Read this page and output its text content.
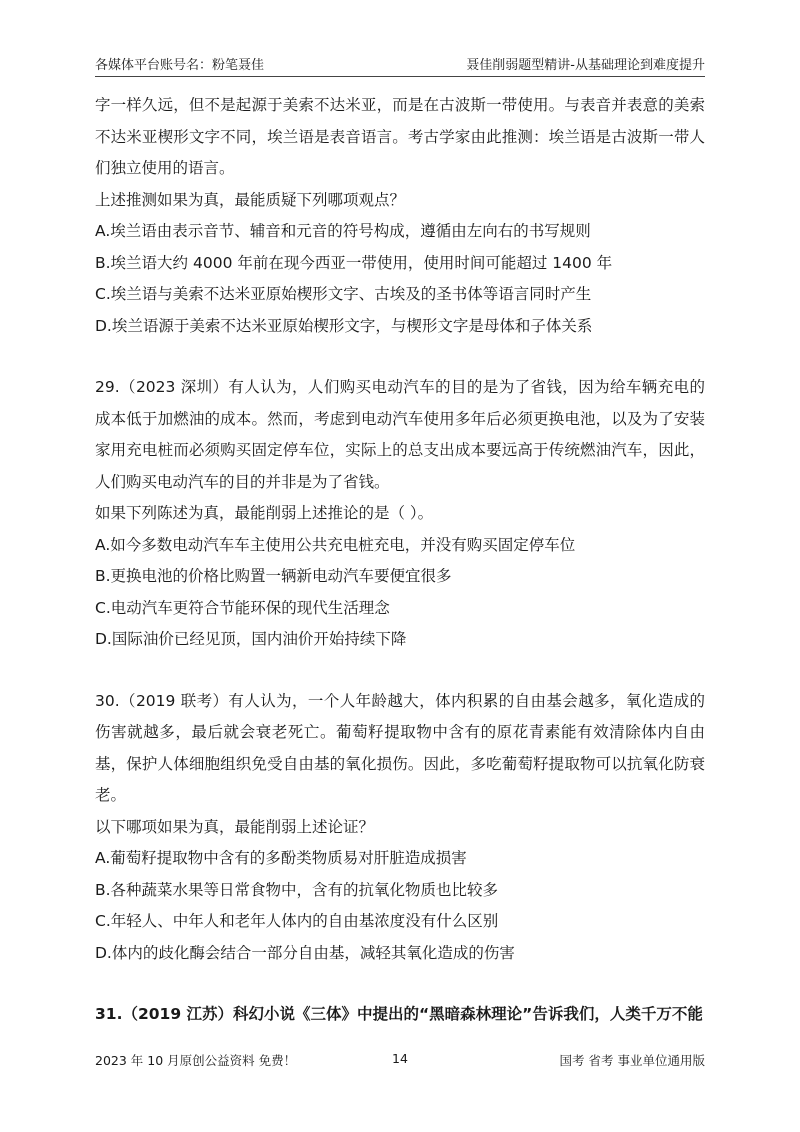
各媒体平台账号名：粉笔聂佳	聂佳削弱题型精讲-从基础理论到难度提升

字一样久远，但不是起源于美索不达米亚，而是在古波斯一带使用。与表音并表意的美索不达米亚楔形文字不同，埃兰语是表音语言。考古学家由此推测：埃兰语是古波斯一带人们独立使用的语言。

上述推测如果为真，最能质疑下列哪项观点？

A.埃兰语由表示音节、辅音和元音的符号构成，遵循由左向右的书写规则

B.埃兰语大约 4000 年前在现今西亚一带使用，使用时间可能超过 1400 年

C.埃兰语与美索不达米亚原始楔形文字、古埃及的圣书体等语言同时产生

D.埃兰语源于美索不达米亚原始楔形文字，与楔形文字是母体和子体关系

29.（2023 深圳）有人认为，人们购买电动汽车的目的是为了省钱，因为给车辆充电的成本低于加燃油的成本。然而，考虑到电动汽车使用多年后必须更换电池，以及为了安装家用充电桩而必须购买固定停车位，实际上的总支出成本要远高于传统燃油汽车，因此，人们购买电动汽车的目的并非是为了省钱。

如果下列陈述为真，最能削弱上述推论的是（ ）。

A.如今多数电动汽车车主使用公共充电桩充电，并没有购买固定停车位

B.更换电池的价格比购置一辆新电动汽车要便宜很多

C.电动汽车更符合节能环保的现代生活理念

D.国际油价已经见顶，国内油价开始持续下降

30.（2019 联考）有人认为，一个人年龄越大，体内积累的自由基会越多，氧化造成的伤害就越多，最后就会衰老死亡。葡萄籽提取物中含有的原花青素能有效清除体内自由基，保护人体细胞组织免受自由基的氧化损伤。因此，多吃葡萄籽提取物可以抗氧化防衰老。

以下哪项如果为真，最能削弱上述论证？

A.葡萄籽提取物中含有的多酚类物质易对肝脏造成损害

B.各种蔬菜水果等日常食物中，含有的抗氧化物质也比较多

C.年轻人、中年人和老年人体内的自由基浓度没有什么区别

D.体内的歧化酶会结合一部分自由基，减轻其氧化造成的伤害

31.（2019 江苏）科幻小说《三体》中提出的“黑暗森林理论”告诉我们，人类千万不能

2023 年 10 月原创公益资料 免费！	14	国考 省考 事业单位通用版
